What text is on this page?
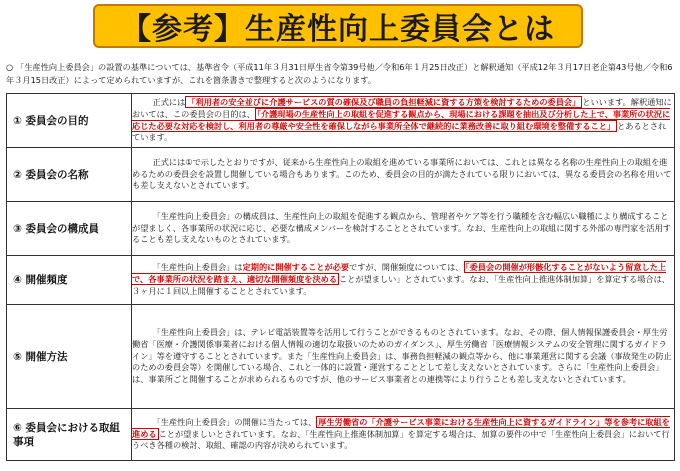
【参考】生産性向上委員会とは
○ 「生産性向上委員会」の設置の基準については、基準省令（平成11年３月31日厚生省令第39号他／令和6年１月25日改正）と解釈通知（平成12年３月17日老企第43号他／令和6年３月15日改正）によって定められていますが、これを箇条書きで整理すると次のようになります。
① 委員会の目的	正式には 「利用者の安全並びに介護サービスの質の確保及び職員の負担軽減に資する方策を検討するための委員会」 といいます。解釈通知においては、この委員会の目的は、 「介護現場の生産性向上の取組を促進する観点から、現場における課題を抽出及び分析した上で、事業所の状況に応じた必要な対応を検討し、利用者の尊厳や安全性を確保しながら事業所全体で継続的に業務改善に取り組む環境を整備すること」 とあるとされています。

② 委員会の名称	正式には①で示したとおりですが、従来から生産性向上の取組を進めている事業所においては、これとは異なる名称の生産性向上の取組を進めるための委員会を設置し開催している場合もあります。このため、委員会の目的が満たされている限りにおいては、異なる委員会の名称を用いても差し支えないとされています。

③ 委員会の構成員	「生産性向上委員会」の構成員は、生産性向上の取組を促進する観点から、管理者やケア等を行う職種を含む幅広い職種により構成することが望ましく、各事業所の状況に応じ、必要な構成メンバーを検討することとされています。なお、生産性向上の取組に関する外部の専門家を活用することも差し支えないものとされています。

④ 開催頻度	「生産性向上委員会」は定期的に開催することが必要ですが、開催頻度については、 「委員会の開催が形骸化することがないよう留意した上で、各事業所の状況を踏まえ、適切な開催頻度を決める ことが望ましい」とされています。なお、「生産性向上推進体制加算」を算定する場合は、３ヶ月に１回以上開催することとされています。

⑤ 開催方法	「生産性向上委員会」は、テレビ電話装置等を活用して行うことができるものとされています。なお、その際、個人情報保護委員会・厚生労働省「医療・介護関係事業者における個人情報の適切な取扱いのためのガイダンス」、厚生労働省「医療情報システムの安全管理に関するガイドライン」等を遵守することとされています。また「生産性向上委員会」は、事務負担軽減の観点等から、他に事業運営に関する会議（事故発生の防止のための委員会等）を開催している場合、これと一体的に設置・運営することとして差し支えないとされています。さらに「生産性向上委員会」は、事業所ごと開催することが求められるものですが、他のサービス事業者との連携等により行うことも差し支えないとされています。

⑥ 委員会における取組事項	「生産性向上委員会」の開催に当たっては、 厚生労働省の「介護サービス事業における生産性向上に資するガイドライン」等を参考に取組を進める ことが望ましいとされています。なお、「生産性向上推進体制加算」を算定する場合は、加算の要件の中で「生産性向上委員会」において行うべき各種の検討、取組、確認の内容が決められています。
